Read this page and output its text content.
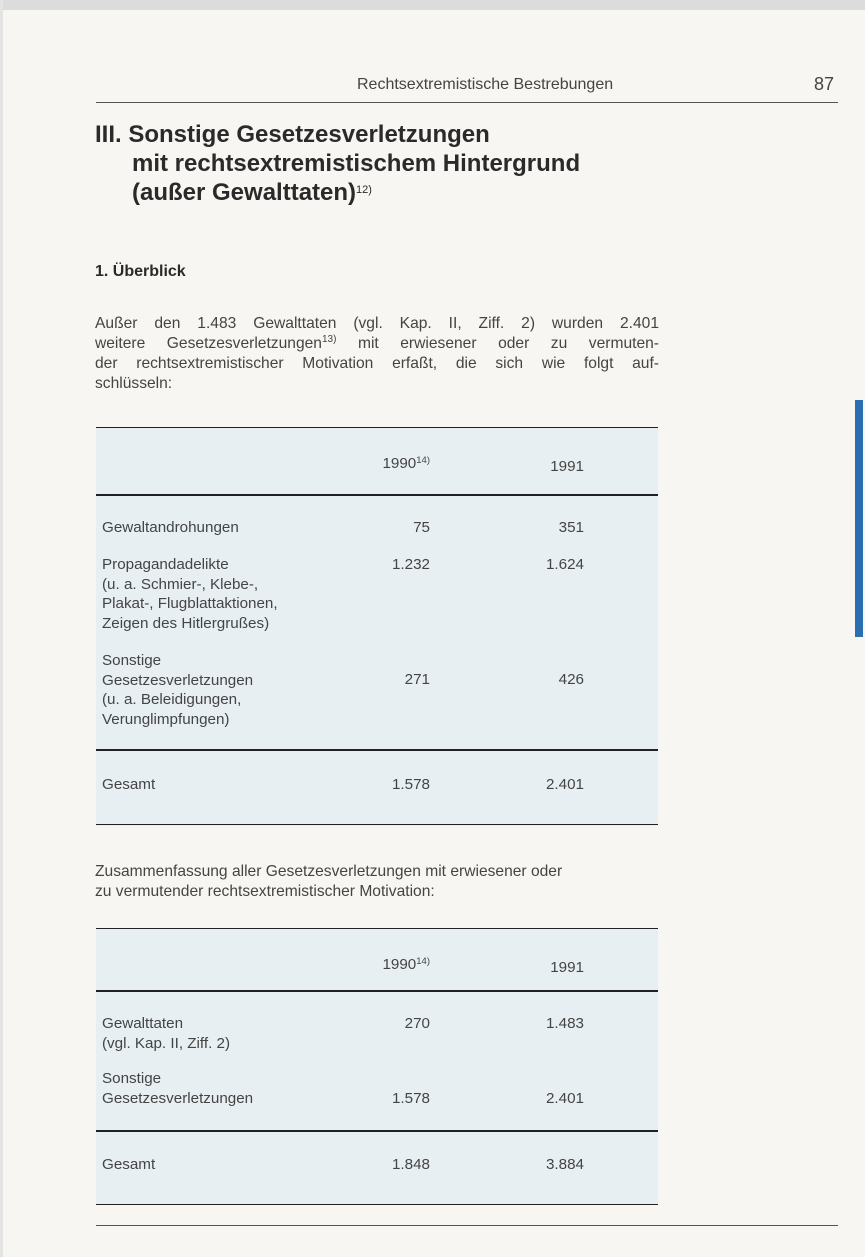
Rechtsextremistische Bestrebungen	87
III. Sonstige Gesetzesverletzungen
mit rechtsextremistischem Hintergrund
(außer Gewalttaten)$^{12)}$
1. Überblick
Außer den 1.483 Gewalttaten (vgl. Kap. II, Ziff. 2) wurden 2.401
weitere Gesetzesverletzungen$^{13)}$ mit erwiesener oder zu vermuten-
der rechtsextremistischer Motivation erfaßt, die sich wie folgt auf-
schlüsseln:
1990$^{14)}$	1991
Gewaltandrohungen	75	351
Propagandadelikte
(u. a. Schmier-, Klebe-,
Plakat-, Flugblattaktionen,
Zeigen des Hitlergrußes)
1.232	1.624
Sonstige
Gesetzesverletzungen
(u. a. Beleidigungen,
Verunglimpfungen)
271	426
Gesamt	1.578	2.401
Zusammenfassung aller Gesetzesverletzungen mit erwiesener oder
zu vermutender rechtsextremistischer Motivation:
1990$^{14)}$	1991
Gewalttaten
(vgl. Kap. II, Ziff. 2)
270	1.483
Sonstige
Gesetzesverletzungen	1.578	2.401
Gesamt	1.848	3.884
